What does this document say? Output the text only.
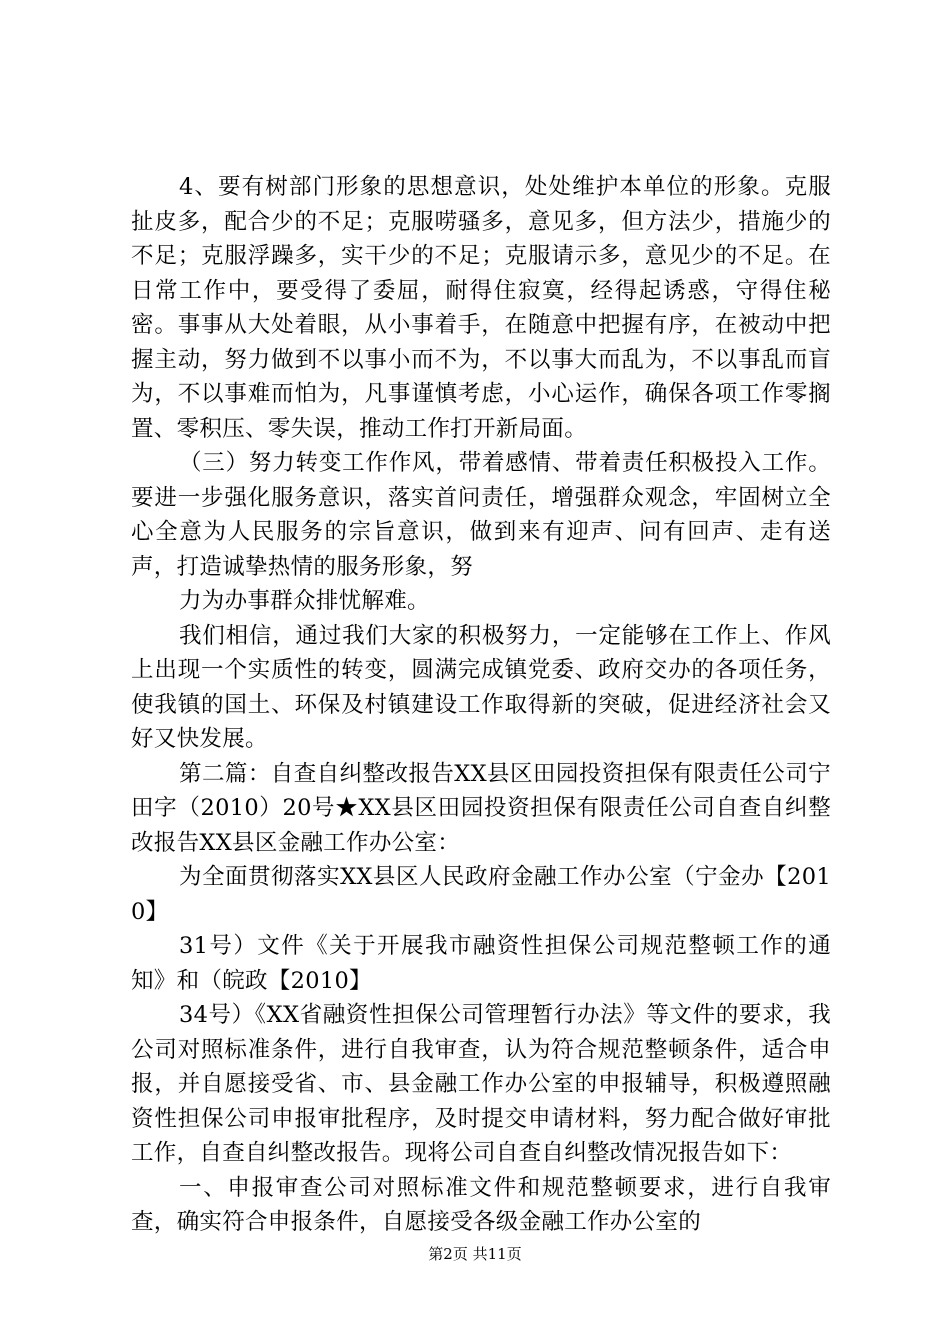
4、要有树部门形象的思想意识，处处维护本单位的形象。克服扯皮多，配合少的不足；克服唠骚多，意见多，但方法少，措施少的不足；克服浮躁多，实干少的不足；克服请示多，意见少的不足。在日常工作中，要受得了委屈，耐得住寂寞，经得起诱惑，守得住秘密。事事从大处着眼，从小事着手，在随意中把握有序，在被动中把握主动，努力做到不以事小而不为，不以事大而乱为，不以事乱而盲为，不以事难而怕为，凡事谨慎考虑，小心运作，确保各项工作零搁置、零积压、零失误，推动工作打开新局面。

（三）努力转变工作作风，带着感情、带着责任积极投入工作。要进一步强化服务意识，落实首问责任，增强群众观念，牢固树立全心全意为人民服务的宗旨意识，做到来有迎声、问有回声、走有送声，打造诚挚热情的服务形象，努

力为办事群众排忧解难。

我们相信，通过我们大家的积极努力，一定能够在工作上、作风上出现一个实质性的转变，圆满完成镇党委、政府交办的各项任务，使我镇的国土、环保及村镇建设工作取得新的突破，促进经济社会又好又快发展。

第二篇：自查自纠整改报告XX县区田园投资担保有限责任公司宁田字（2010）20号★XX县区田园投资担保有限责任公司自查自纠整改报告XX县区金融工作办公室：

为全面贯彻落实XX县区人民政府金融工作办公室（宁金办【2010】

31号）文件《关于开展我市融资性担保公司规范整顿工作的通知》和（皖政【2010】

34号）《XX省融资性担保公司管理暂行办法》等文件的要求，我公司对照标准条件，进行自我审查，认为符合规范整顿条件，适合申报，并自愿接受省、市、县金融工作办公室的申报辅导，积极遵照融资性担保公司申报审批程序，及时提交申请材料，努力配合做好审批工作，自查自纠整改报告。现将公司自查自纠整改情况报告如下：

一、申报审查公司对照标准文件和规范整顿要求，进行自我审查，确实符合申报条件，自愿接受各级金融工作办公室的

第2页 共11页
